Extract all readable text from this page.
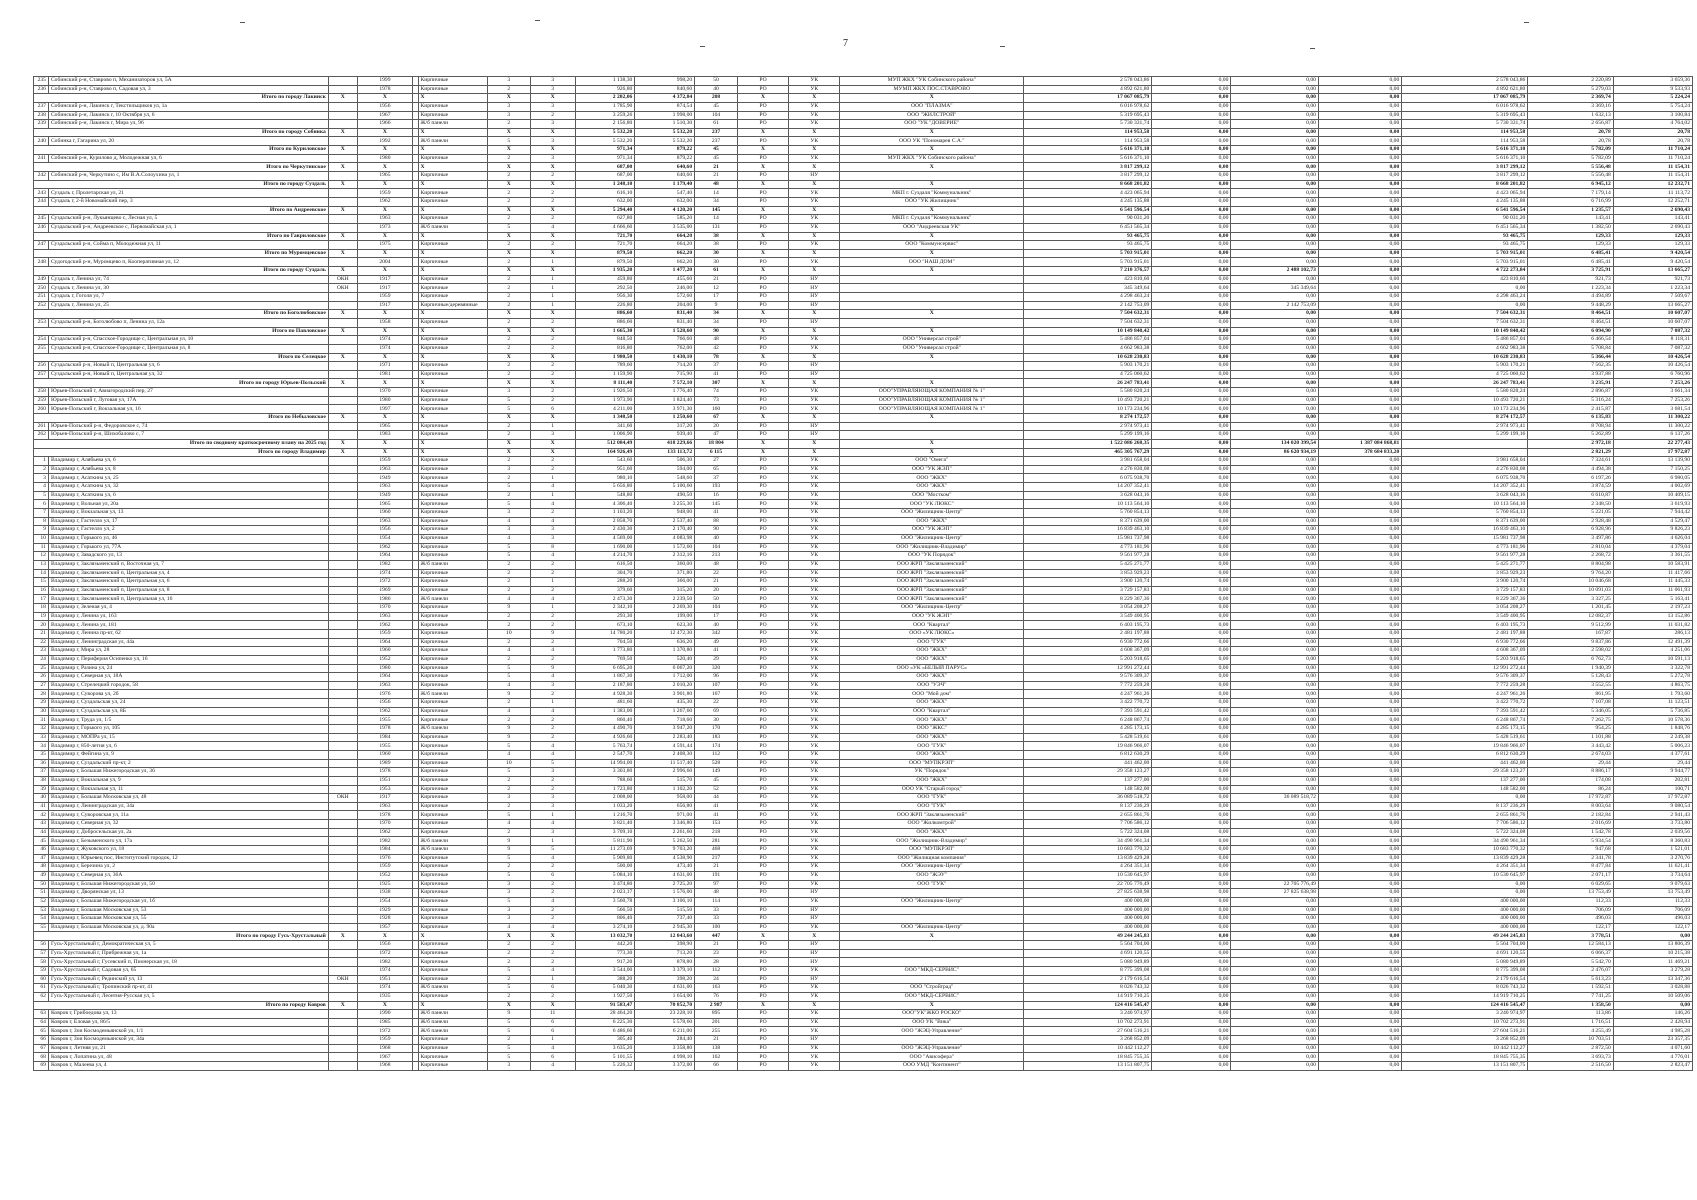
7
235	Собинский р-н, Ставрово п, Механизаторов ул, 5А		1999		Кирпичные	3	3	1 138,30	998,20	50	РО	УК	МУП ЖКХ "УК Собинского района"	2 578 043,86	0,00	0,00	0,00	2 578 043,86	2 220,89	3 659,36
236	Собинский р-н, Ставрово п, Садовая ул, 3		1978		Кирпичные	2	3	926,80	840,60	40	РО	УК	МУМП ЖКХ ПОС.СТАВРОВО	4 892 621,80	0,00	0,00	0,00	4 892 621,80	5 279,03	9 533,93
Итого по городу Лакинск		X	X		X	X	X	2 202,06	4 372,84	208	X	X	X	17 067 085,79	0,00	0,00	0,00	17 067 085,79	2 369,74	5 224,24
237	Собинский р-н, Лакинск г, Текстильщиков ул, 1а		1956		Кирпичные	3	3	1 785,90	874,54	45	РО	УК	ООО "ПЛАЗМА"	6 016 978,62	0,00	0,00	0,00	6 016 978,62	3 369,16	5 754,24
238	Собинский р-н, Лакинск г, 10 Октября ул, 6		1967		Кирпичные	3	2	3 259,26	1 998,00	104	РО	УК	ООО "ЖИЛСТРОЙ"	5 319 695,43	0,00	0,00	0,00	5 319 695,43	1 632,13	3 100,84
239	Собинский р-н, Лакинск г, Мира ул, 96		1966		Ж/б панели	2	3	2 156,80	1 510,30	61	РО	УК	ООО "УК "ДОВЕРИЕ"	5 730 331,74	0,00	0,00	0,00	5 730 331,74	2 656,87	4 764,02
Итого по городу Собинка		X	X		X	X	X	5 532,20	5 532,20	237	X	X	X	114 953,58	0,00	0,00	0,00	114 953,58	20,78	20,78
240	Собинка г, Гагарина ул, 20		1992		Ж/б панели	5	3	5 532,20	5 532,20	237	РО	УК	ООО УК "Пономарев С.А."	114 953,58	0,00	0,00	0,00	114 953,58	20,78	20,78
Итого по Куриловское		X	X		X	X	X	971,34	879,22	45	X	X	X	5 616 371,10	0,00	0,00	0,00	5 616 371,10	5 782,09	11 710,24
241	Собинский р-н, Курилово д, Молодежная ул, 6		1980		Кирпичные	2	3	971,34	879,22	45	РО	УК	МУП ЖКХ "УК Собинского района"	5 616 371,10	0,00	0,00	0,00	5 616 371,10	5 782,09	11 710,24
Итого по Черкутинское		X	X		X	X	X	687,00	640,60	21	X	X	X	3 817 299,12	0,00	0,00	0,00	3 817 299,12	5 556,48	11 154,31
242	Собинский р-н, Черкутино с, Им В.А.Солоухина ул, 1		1965		Кирпичные	2	2	687,00	640,60	21	РО	НУ		3 817 299,12	0,00	0,00	0,00	3 817 299,12	5 556,48	11 154,31
Итого по городу Суздаль		X	X		X	X	X	1 248,10	1 179,40	48	X	X	X	8 668 201,82	0,00	0,00	0,00	8 668 201,82	6 945,12	12 232,71
243	Суздаль г, Пролетарская ул, 21		1959		Кирпичные	2	2	616,10	547,40	14	РО	УК	МКП г. Суздаля "Коммунальник"	4 423 065,94	0,00	0,00	0,00	4 423 065,94	7 179,14	11 113,72
244	Суздаль г, 2-й Новомайский пер, 3		1962		Кирпичные	2	2	632,00	632,00	34	РО	УК	ООО "УК Жилищник"	4 245 135,88	0,00	0,00	0,00	4 245 135,88	6 716,99	12 252,71
Итого по Андреевское		X	X		X	X	X	5 294,40	4 120,20	145	X	X	X	6 541 596,54	0,00	0,00	0,00	6 541 596,54	1 235,57	2 690,43
245	Суздальский р-н, Лукьянцево с, Лесная ул, 5		1963		Кирпичные	2	2	627,80	585,20	14	РО	УК	МКП г. Суздаля "Коммунальник"	90 031,20	0,00	0,00	0,00	90 031,20	143,41	143,41
246	Суздальский р-н, Андреевское с, Первомайская ул, 1		1973		Ж/б панели	5	4	4 666,60	3 535,00	131	РО	УК	ООО "Андреевская УК"	6 451 565,34	0,00	0,00	0,00	6 451 565,34	1 382,50	2 690,43
Итого по Гавриловское		X	X		X	X	X	721,70	664,20	38	X	X	X	93 465,75	0,00	0,00	0,00	93 465,75	129,33	129,33
247	Суздальский р-н, Сойма п, Молодежная ул, 11		1975		Кирпичные	2	2	721,70	664,20	38	РО	УК	ООО "Коммунсервис"	93 465,75	0,00	0,00	0,00	93 465,75	129,33	129,33
Итого по Муромцевское		X	X		X	X	X	879,50	662,20	30	X	X	X	5 703 915,01	0,00	0,00	0,00	5 703 915,01	6 485,41	9 420,54
248	Судогодский р-н, Муромцево п, Кооперативная ул, 12		2004		Кирпичные	2	1	879,50	662,20	30	РО	УК	ООО "НАШ ДОМ"	5 703 915,01	0,00	0,00	0,00	5 703 915,01	6 485,41	9 420,54
Итого по городу Суздаль		X	X		X	X	X	1 935,20	1 477,20	61	X	X	X	7 210 376,57	0,00	2 488 102,73	0,00	4 722 273,84	3 725,91	13 665,27
249	Суздаль г, Ленина ул, 74	ОКН	1917		Кирпичные	2	1	459,80	455,60	21	РО	НУ		423 810,60	0,00	0,00	0,00	423 810,60	921,73	921,73
250	Суздаль г, Ленина ул, 30	ОКН	1917		Кирпичные	2	1	292,50	246,00	12	РО	НУ		345 349,64	0,00	345 349,64	0,00	0,00	1 223,34	1 223,34
251	Суздаль г, Гоголя ул, 7		1959		Кирпичные	2	1	956,30	572,60	17	РО	НУ		4 298 463,24	0,00	0,00	0,00	4 298 463,24	4 494,89	7 509,67
252	Суздаль г, Ленина ул, 25		1917		Кирпичные/деревянные	2	1	226,80	204,00	9	РО	НУ		2 142 753,09	0,00	2 142 753,09	0,00	0,00	9 448,29	13 665,27
Итого по Боголюбовское		X	X		X	X	X	886,60	831,40	34	X	X	X	7 504 632,31	0,00	0,00	0,00	7 504 632,31	8 464,51	10 607,07
253	Суздальский р-н, Боголюбово п, Ленина ул, 12а		1958		Кирпичные	2	2	886,60	831,40	34	РО	НУ		7 504 632,31	0,00	0,00	0,00	7 504 632,31	8 464,51	10 607,07
Итого по Павловское		X	X		X	X	X	1 665,30	1 528,60	90	X	X	X	10 149 840,42	0,00	0,00	0,00	10 149 840,42	6 094,90	7 087,32
254	Суздальский р-н, Спасское-Городище с, Центральная ул, 10		1974		Кирпичные	2	2	848,50	766,60	48	РО	УК	ООО "Универсал строй"	5 486 857,04	0,00	0,00	0,00	5 486 857,04	6 466,54	8 118,31
255	Суздальский р-н, Спасское-Городище с, Центральная ул, 8		1974		Кирпичные	2	2	816,80	762,00	42	РО	УК	ООО "Универсал строй"	4 662 983,38	0,00	0,00	0,00	4 662 983,38	5 708,84	7 087,32
Итого по Селецкое		X	X		X	X	X	1 980,50	1 430,10	78	X	X	X	10 628 230,83	0,00	0,00	0,00	10 628 230,83	5 366,44	10 426,54
256	Суздальский р-н, Новый п, Центральная ул, 6		1971		Кирпичные	2	2	789,60	714,20	37	РО	НУ		5 903 170,21	0,00	0,00	0,00	5 903 170,21	7 562,35	10 426,54
257	Суздальский р-н, Новый п, Центральная ул, 32		1981		Кирпичные	2	2	1 159,90	715,90	41	РО	НУ		4 725 060,62	0,00	0,00	0,00	4 725 060,62	3 937,88	6 760,96
Итого по городу Юрьев-Польский		X	X		X	X	X	8 111,40	7 572,10	307	X	X	X	26 247 783,41	0,00	0,00	0,00	26 247 783,41	3 235,91	7 253,26
258	Юрьев-Польский г, Авиагородский пер, 27		1970		Кирпичные	3	2	1 926,50	1 776,40	74	РО	УК	ООО"УПРАВЛЯЮЩАЯ КОМПАНИЯ № 1"	5 580 828,24	0,00	0,00	0,00	5 580 828,24	2 896,87	3 661,34
259	Юрьев-Польский г, Луговая ул, 17А		1980		Кирпичные	5	2	1 973,90	1 824,40	73	РО	УК	ООО"УПРАВЛЯЮЩАЯ КОМПАНИЯ № 1"	10 493 720,21	0,00	0,00	0,00	10 493 720,21	5 316,24	7 253,26
260	Юрьев-Польский г, Вокзальная ул, 16		1997		Кирпичные	5	6	4 211,00	3 971,30	160	РО	УК	ООО"УПРАВЛЯЮЩАЯ КОМПАНИЯ № 1"	10 173 234,96	0,00	0,00	0,00	10 173 234,96	2 415,87	3 681,54
Итого по Небыловское		X	X		X	X	X	1 348,50	1 250,60	67	X	X	X	8 274 172,57	0,00	0,00	0,00	8 274 172,57	6 135,83	11 300,22
261	Юрьев-Польский р-н, Федоровское с, 74		1965		Кирпичные	2	1	341,60	317,20	20	РО	НУ		2 974 973,41	0,00	0,00	0,00	2 974 973,41	8 708,94	11 300,22
262	Юрьев-Польский р-н, Шихобалово с, 7		1983		Кирпичные	2	3	1 006,90	939,40	47	РО	НУ		5 299 199,16	0,00	0,00	0,00	5 299 199,16	5 262,89	6 137,26
Итого по сводному краткосрочному плану на 2025 год		X	X		X	X	X	512 084,49	418 229,66	18 804	X	X	X	1 522 086 268,35	0,00	134 020 399,54	1 387 084 868,81		2 972,18	22 277,43
Итого по городу Владимир		X	X		X	X	X	164 926,49	133 113,72	6 115	X	X	X	465 305 767,29	0,00	86 620 934,19	378 684 833,20		2 821,29	17 972,87
1	Владимир г, Алябьева ул, 6		1959		Кирпичные	2	2	543,60	506,30	27	РО	УК	ООО "Омега"	3 981 658,04	0,00	0,00	0,00	3 981 658,04	7 324,61	13 139,90
2	Владимир г, Алябьева ул, 8		1963		Кирпичные	3	2	951,60	594,00	65	РО	УК	ООО "УК ЖЭП"	4 276 830,08	0,00	0,00	0,00	4 276 830,08	4 494,38	7 150,25
3	Владимир г, Асаткина ул, 25		1949		Кирпичные	2	1	980,10	548,60	37	РО	УК	ООО "ЖКХ"	6 075 938,70	0,00	0,00	0,00	6 075 938,70	6 197,26	6 980,05
4	Владимир г, Асаткина ул, 32		1963		Кирпичные	5	4	5 656,80	5 100,60	193	РО	УК	ООО "ЖКХ"	14 207 352,41	0,00	0,00	0,00	14 207 352,41	3 874,59	4 002,69
5	Владимир г, Асаткина ул, 6		1949		Кирпичные	2	1	548,80	490,50	16	РО	УК	ООО "Мостком"	3 628 043,16	0,00	0,00	0,00	3 628 043,16	6 610,87	10 409,15
6	Владимир г, Вольная ул, 20а		1965		Кирпичные	5	4	4 306,40	3 255,30	145	РО	УК	ООО "УК ЛЮКС"	10 113 564,10	0,00	0,00	0,00	10 113 564,10	2 348,50	3 619,93
7	Владимир г, Вокзальная ул, 13		1960		Кирпичные	3	2	1 103,20	948,00	41	РО	УК	ООО "Жилищник-Центр"	5 760 854,13	0,00	0,00	0,00	5 760 854,13	5 221,05	7 944,42
8	Владимир г, Гастелло ул, 17		1963		Кирпичные	4	4	2 858,70	2 537,40	88	РО	УК	ООО "ЖКХ"	8 371 639,00	0,00	0,00	0,00	8 371 639,00	2 928,48	4 529,47
9	Владимир г, Гастелло ул, 2		1956		Кирпичные	3	3	2 430,30	2 170,40	90	РО	УК	ООО "УК ЖЭП"	16 839 463,10	0,00	0,00	0,00	16 839 463,10	6 928,96	9 826,23
10	Владимир г, Горького ул, 46		1954		Кирпичные	4	3	4 569,00	4 083,98	40	РО	УК	ООО "Жилищник-Центр"	15 981 737,98	0,00	0,00	0,00	15 981 737,98	3 497,86	4 626,04
11	Владимир г, Горького ул, 77А		1962		Кирпичные	5	8	1 690,00	1 572,60	104	РО	УК	ООО "Жилищник-Владимир"	4 773 181,96	0,00	0,00	0,00	4 773 181,96	2 810,04	4 379,04
12	Владимир г, Завадского ул, 13		1964		Кирпичные	5	4	4 214,70	2 312,16	213	РО	УК	ООО "УК Порядок"	9 561 977,28	0,00	0,00	0,00	9 561 977,28	2 268,72	3 361,55
13	Владимир г, Заклязьменский п, Восточная ул, 7		1982		Ж/б панели	2	2	616,50	360,00	48	РО	УК	ООО ЖРП "Заклязьменский"	5 425 271,77	0,00	0,00	0,00	5 425 271,77	8 804,98	10 583,91
14	Владимир г, Заклязьменский п, Центральная ул, 4		1974		Кирпичные	2	2	304,70	371,80	22	РО	УК	ООО ЖРП "Заклязьменский"	3 853 929,23	0,00	0,00	0,00	3 853 929,23	9 764,20	11 417,66
15	Владимир г, Заклязьменский п, Центральная ул, 6		1972		Кирпичные	2	1	288,20	366,00	21	РО	УК	ООО ЖРП "Заклязьменский"	3 900 120,74	0,00	0,00	0,00	3 900 120,74	10 046,68	11 445,33
16	Владимир г, Заклязьменский п, Центральная ул, 8		1969		Кирпичные	2	2	379,60	315,20	20	РО	УК	ООО ЖРП "Заклязьменский"	3 729 157,83	0,00	0,00	0,00	3 729 157,83	10 091,03	11 061,93
17	Владимир г, Заклязьменский п, Центральная ул, 16		1986		Ж/б панели	4	4	2 473,30	2 239,50	50	РО	УК	ООО ЖРП "Заклязьменский"	8 229 367,36	0,00	0,00	0,00	8 229 367,36	3 327,25	5 163,41
18	Владимир г, Зеленая ул, 4		1970		Кирпичные	9	1	2 342,10	2 269,30	104	РО	УК	ООО "Жилищник-Центр"	3 054 208,27	0,00	0,00	0,00	3 054 208,27	1 201,45	2 197,23
19	Владимир г, Ленина ул, 163		1963		Кирпичные	2	2	293,30	199,00	17	РО	УК	ООО "УК ЖЭП"	3 549 400,95	0,00	0,00	0,00	3 549 400,95	12 082,37	13 152,86
20	Владимир г, Ленина ул, 181		1962		Кирпичные	2	2	673,10	623,30	40	РО	УК	ООО "Квартал"	6 403 195,73	0,00	0,00	0,00	6 403 195,73	9 512,99	11 031,82
21	Владимир г, Ленина пр-кт, 62		1959		Кирпичные	10	9	14 780,20	12 472,30	342	РО	УК	ООО «УК ЛЮКС»	2 481 197,88	0,00	0,00	0,00	2 481 197,88	167,87	286,13
22	Владимир г, Ленинградская ул, 44а		1964		Кирпичные	2	2	704,50	636,20	49	РО	УК	ООО "ГУК"	6 930 772,66	0,00	0,00	0,00	6 930 772,66	9 837,86	12 491,39
23	Владимир г, Мира ул, 28		1960		Кирпичные	4	4	1 773,80	1 370,80	41	РО	УК	ООО "ЖКХ"	4 608 367,09	0,00	0,00	0,00	4 608 367,09	2 598,02	4 251,06
24	Владимир г, Периферия Осипенко ул, 16		1952		Кирпичные	2	2	769,50	520,40	29	РО	УК	ООО "ЖКХ"	5 203 918,65	0,00	0,00	0,00	5 203 918,65	6 762,73	10 591,13
25	Владимир г, Разина ул, 24		1980		Кирпичные	5	9	6 695,20	6 067,20	320	РО	УК	ООО «УК «БЕЛЫЙ ПАРУС»	12 991 272,44	0,00	0,00	0,00	12 991 272,44	1 940,39	3 322,78
26	Владимир г, Северная ул, 18А		1964		Кирпичные	5	4	1 867,30	1 712,00	96	РО	УК	ООО "ЖКХ"	9 576 309,37	0,00	0,00	0,00	9 576 309,37	5 128,43	5 272,78
27	Владимир г, Стрелецкий городок, 58		1963		Кирпичные	4	3	2 187,80	2 010,20	107	РО	УК	ООО "УЭЧ"	7 772 259,28	0,00	0,00	0,00	7 772 259,28	3 552,55	4 863,75
28	Владимир г, Суворова ул, 2б		1976		Ж/б панели	9	2	4 928,30	3 901,80	167	РО	УК	ООО "Мой дом"	4 247 961,26	0,00	0,00	0,00	4 247 961,26	861,95	1 793,60
29	Владимир г, Суздальская ул, 24		1956		Кирпичные	2	1	481,60	435,30	22	РО	УК	ООО "ЖКХ"	3 422 770,72	0,00	0,00	0,00	3 422 770,72	7 107,08	11 123,51
30	Владимир г, Суздальская ул, 8Б		1962		Кирпичные	4	4	1 383,00	1 267,60	69	РО	УК	ООО "Квартал"	7 393 591,42	0,00	0,00	0,00	7 393 591,42	5 346,05	5 736,85
31	Владимир г, Труда ул, 1/5		1955		Кирпичные	2	2	860,40	718,60	30	РО	УК	ООО "ЖКХ"	6 248 867,74	0,00	0,00	0,00	6 248 867,74	7 262,75	10 578,36
32	Владимир г, Горького ул, 105		1978		Ж/б панели	9	2	4 490,70	3 947,20	170	РО	УК	ООО "ЖКС"	4 285 173,15	0,00	0,00	0,00	4 285 173,15	954,25	1 848,76
33	Владимир г, МОПРа ул, 15		1984		Кирпичные	9	2	4 926,60	2 283,40	183	РО	УК	ООО "ЖКХ"	5 428 519,61	0,00	0,00	0,00	5 428 519,61	1 101,88	2 249,38
34	Владимир г, 850-летия ул, 6		1955		Кирпичные	5	4	5 763,74	4 591,44	174	РО	УК	ООО "ГУК"	19 846 966,07	0,00	0,00	0,00	19 846 966,07	3 443,42	5 006,23
35	Владимир г, Фейгина ул, 9		1960		Кирпичные	4	4	2 547,70	2 408,30	112	РО	УК	ООО "ЖКХ"	6 812 630,29	0,00	0,00	0,00	6 812 630,29	2 674,03	4 377,61
36	Владимир г, Суздальский пр-кт, 2		1989		Кирпичные	10	5	14 994,00	11 517,40	528	РО	УК	ООО "МУПКРЭП"	441 462,00	0,00	0,00	0,00	441 462,00	29,44	29,44
37	Владимир г, Большая Нижегородская ул, 36		1978		Кирпичные	5	3	3 303,80	2 996,60	149	РО	УК	УК "Порядок"	29 358 123,27	0,00	0,00	0,00	29 358 123,27	8 886,17	9 944,77
38	Владимир г, Вокзальная ул, 9		1951		Кирпичные	2	2	788,60	515,70	45	РО	УК	ООО "ЖКХ"	137 277,00	0,00	0,00	0,00	137 277,00	174,08	202,81
39	Владимир г, Вокзальная ул, 11		1953		Кирпичные	2	2	1 723,80	1 102,20	52	РО	УК	ООО УК "Старый город"	148 582,00	0,00	0,00	0,00	148 582,00	86,24	100,71
40	Владимир г, Большая Московская ул, 48	ОКН	1917		Кирпичные	3	3	2 008,00	958,00	44	РО	УК	ООО "ГУК"	36 089 518,72	0,00	36 089 518,72	0,00	0,00	17 972,87	17 972,87
41	Владимир г, Ленинградская ул, 34а		1963		Кирпичные	2	3	1 033,20	656,80	41	РО	УК	ООО "ГУК"	8 137 236,29	0,00	0,00	0,00	8 137 236,29	8 003,64	9 080,54
42	Владимир г, Суворовская ул, 11а		1978		Кирпичные	5	1	1 216,70	971,00	41	РО	УК	ООО ЖРП "Заклязьменский"	2 655 861,76	0,00	0,00	0,00	2 655 861,76	2 182,84	2 941,43
43	Владимир г, Северная ул, 32		1970		Кирпичные	4	4	3 821,40	3 346,80	153	РО	УК	ООО "Жилкомтрой"	7 706 586,12	0,00	0,00	0,00	7 706 586,12	2 016,69	3 733,80
44	Владимир г, Добросельская ул, 2а		1962		Кирпичные	2	3	3 709,10	2 261,60	218	РО	УК	ООО "ЖКХ"	5 722 324,08	0,00	0,00	0,00	5 722 324,08	1 542,78	2 039,56
45	Владимир г, Безыменского ул, 17а		1982		Ж/б панели	9	1	5 811,90	5 262,50	281	РО	УК	ООО "Жилищник-Владимир"	34 490 961,34	0,00	0,00	0,00	34 490 961,34	5 934,54	8 360,83
46	Владимир г, Жуковского ул, 18		1984		Ж/б панели	9	5	11 273,69	9 703,20	468	РО	УК	ООО "МУПКРЭП"	10 683 770,32	0,00	0,00	0,00	10 683 770,32	947,68	1 521,01
47	Владимир г, Юрьевец пос, Институтский городок, 12		1976		Кирпичные	5	4	5 909,80	4 538,90	217	РО	УК	ООО "Жилищная компания"	13 839 429,28	0,00	0,00	0,00	13 839 429,28	2 341,78	3 270,76
48	Владимир г, Березина ул, 2		1959		Кирпичные	2	2	500,00	473,40	21	РО	УК	ООО "Жилищник-Центр"	4 264 351,34	0,00	0,00	0,00	4 264 351,34	8 477,84	11 621,41
49	Владимир г, Северная ул, 36А		1952		Кирпичные	5	6	5 084,10	4 631,00	191	РО	УК	ООО "ЖЭУ"	10 530 645,97	0,00	0,00	0,00	10 530 645,97	2 071,17	3 734,64
50	Владимир г, Большая Нижегородская ул, 50		1925		Кирпичные	3	2	3 474,80	2 725,20	97	РО	УК	ООО "ГУК"	22 705 776,49	0,00	22 705 776,49	0,00	0,00	6 029,65	9 079,63
51	Владимир г, Дворянская ул, 13		1938		Кирпичные	3	2	2 023,17	1 576,00	48	РО	НУ		27 825 638,98	0,00	27 825 638,98	0,00	0,00	13 753,49	13 753,49
52	Владимир г, Большая Нижегородская ул, 1б		1954		Кирпичные	5	4	3 560,78	3 106,10	114	РО	УК	ООО "Жилищник-Центр"	400 000,00	0,00	0,00	0,00	400 000,00	112,33	112,33
53	Владимир г, Большая Московская ул, 53		1929		Кирпичные	3	2	566,50	515,50	33	РО	НУ		400 000,00	0,00	0,00	0,00	400 000,00	706,09	706,09
54	Владимир г, Большая Московская ул, 55		1928		Кирпичные	3	2	806,40	737,40	33	РО	НУ		400 000,00	0,00	0,00	0,00	400 000,00	496,03	496,03
55	Владимир г, Большая Московская ул, д. 90а		1957		Кирпичные	4	4	3 274,10	2 945,30	100	РО	УК	ООО "Жилищник-Центр"	400 000,00	0,00	0,00	0,00	400 000,00	122,17	122,17
Итого по городу Гусь-Хрустальный		X	X		X	X	X	13 032,70	12 043,60	447	X	X	X	49 244 245,83	0,00	0,00	0,00	49 244 245,83	3 778,51	0,00
56	Гусь-Хрустальный г, Демократическая ул, 5		1956		Кирпичные	2	2	442,20	398,90	21	РО	НУ		5 564 704,00	0,00	0,00	0,00	5 564 704,00	12 584,13	13 806,39
57	Гусь-Хрустальный г, Прибрежная ул, 1а		1972		Кирпичные	2	2	773,30	713,20	23	РО	НУ		4 691 120,55	0,00	0,00	0,00	4 691 120,55	6 066,37	10 215,38
58	Гусь-Хрустальный г, Гусевский п, Пионерская ул, 18		1982		Кирпичные	2	2	917,20	878,80	28	РО	НУ		5 080 949,89	0,00	0,00	0,00	5 080 949,89	5 542,70	11 469,21
59	Гусь-Хрустальный г, Садовая ул, 65		1974		Кирпичные	5	4	3 544,00	3 379,10	112	РО	УК	ООО "МКД-СЕРВИС"	8 775 399,08	0,00	0,00	0,00	8 775 399,08	2 476,07	3 279,28
60	Гусь-Хрустальный г, Рединский ул, 13	ОКН	1951		Кирпичные	2	1	388,20	398,20	24	РО	НУ		2 179 616,54	0,00	0,00	0,00	2 179 616,54	5 613,23	13 347,36
61	Гусь-Хрустальный г, Тропинский пр-кт, 41		1974		Ж/б панели	5	6	5 040,30	4 631,00	163	РО	УК	ООО "Стройград"	8 026 743,32	0,00	0,00	0,00	8 026 743,32	1 592,51	3 028,88
62	Гусь-Хрустальный г, Леонтия-Русская ул, 5		1935		Кирпичные	2	2	1 927,50	1 654,00	76	РО	УК	ООО "МКД-СЕРВИС"	14 919 710,25	0,00	0,00	0,00	14 919 710,25	7 741,25	10 509,06
Итого по городу Ковров		X	X		X	X	X	91 583,47	70 852,70	2 987	X	X	X	124 416 545,47	0,00	0,00	0,00	124 416 545,47	1 358,50	0,00
63	Ковров г, Грибоедова ул, 13		1990		Ж/б панели	9	11	28 464,20	23 228,10	895	РО	УК	ООО"УК"ЖКО РОСКО"	3 240 974,97	0,00	0,00	0,00	3 240 974,97	113,86	146,26
64	Ковров г, Еловая ул, 86/5		1985		Ж/б панели	5	6	6 225,30	5 578,60	201	РО	УК	ООО УК "Вика"	10 702 273,91	0,00	0,00	0,00	10 702 273,91	1 716,51	2 428,94
65	Ковров г, Зои Космодемьянской ул, 1/1		1972		Ж/б панели	5	6	6 486,60	6 211,00	255	РО	УК	ООО "ЖЭЦ-Управление"	27 604 516,21	0,00	0,00	0,00	27 604 516,21	4 255,49	4 985,28
66	Ковров г, Зои Космодемьянской ул, 34а		1959		Кирпичные	2	1	305,40	284,40	21	РО	НУ		3 268 852,09	0,00	0,00	0,00	3 268 852,09	10 703,51	23 357,35
67	Ковров г, Летняя ул, 21		1968		Кирпичные	5	4	3 635,20	3 358,80	138	РО	УК	ООО "ЖЭЦ-Управление"	10 442 112,27	0,00	0,00	0,00	10 442 112,27	2 872,50	4 071,60
68	Ковров г, Лопатина ул, 48		1967		Кирпичные	5	6	5 101,55	4 998,10	162	РО	УК	ООО "Ависофера"	18 845 755,35	0,00	0,00	0,00	18 845 755,35	3 693,73	4 776,01
69	Ковров г, Малеева ул, 4		1968		Кирпичные	3	4	5 226,32	3 372,00	66	РО	УК	ООО УМД "Континент"	13 151 807,75	0,00	0,00	0,00	13 151 807,75	2 516,50	2 823,47
